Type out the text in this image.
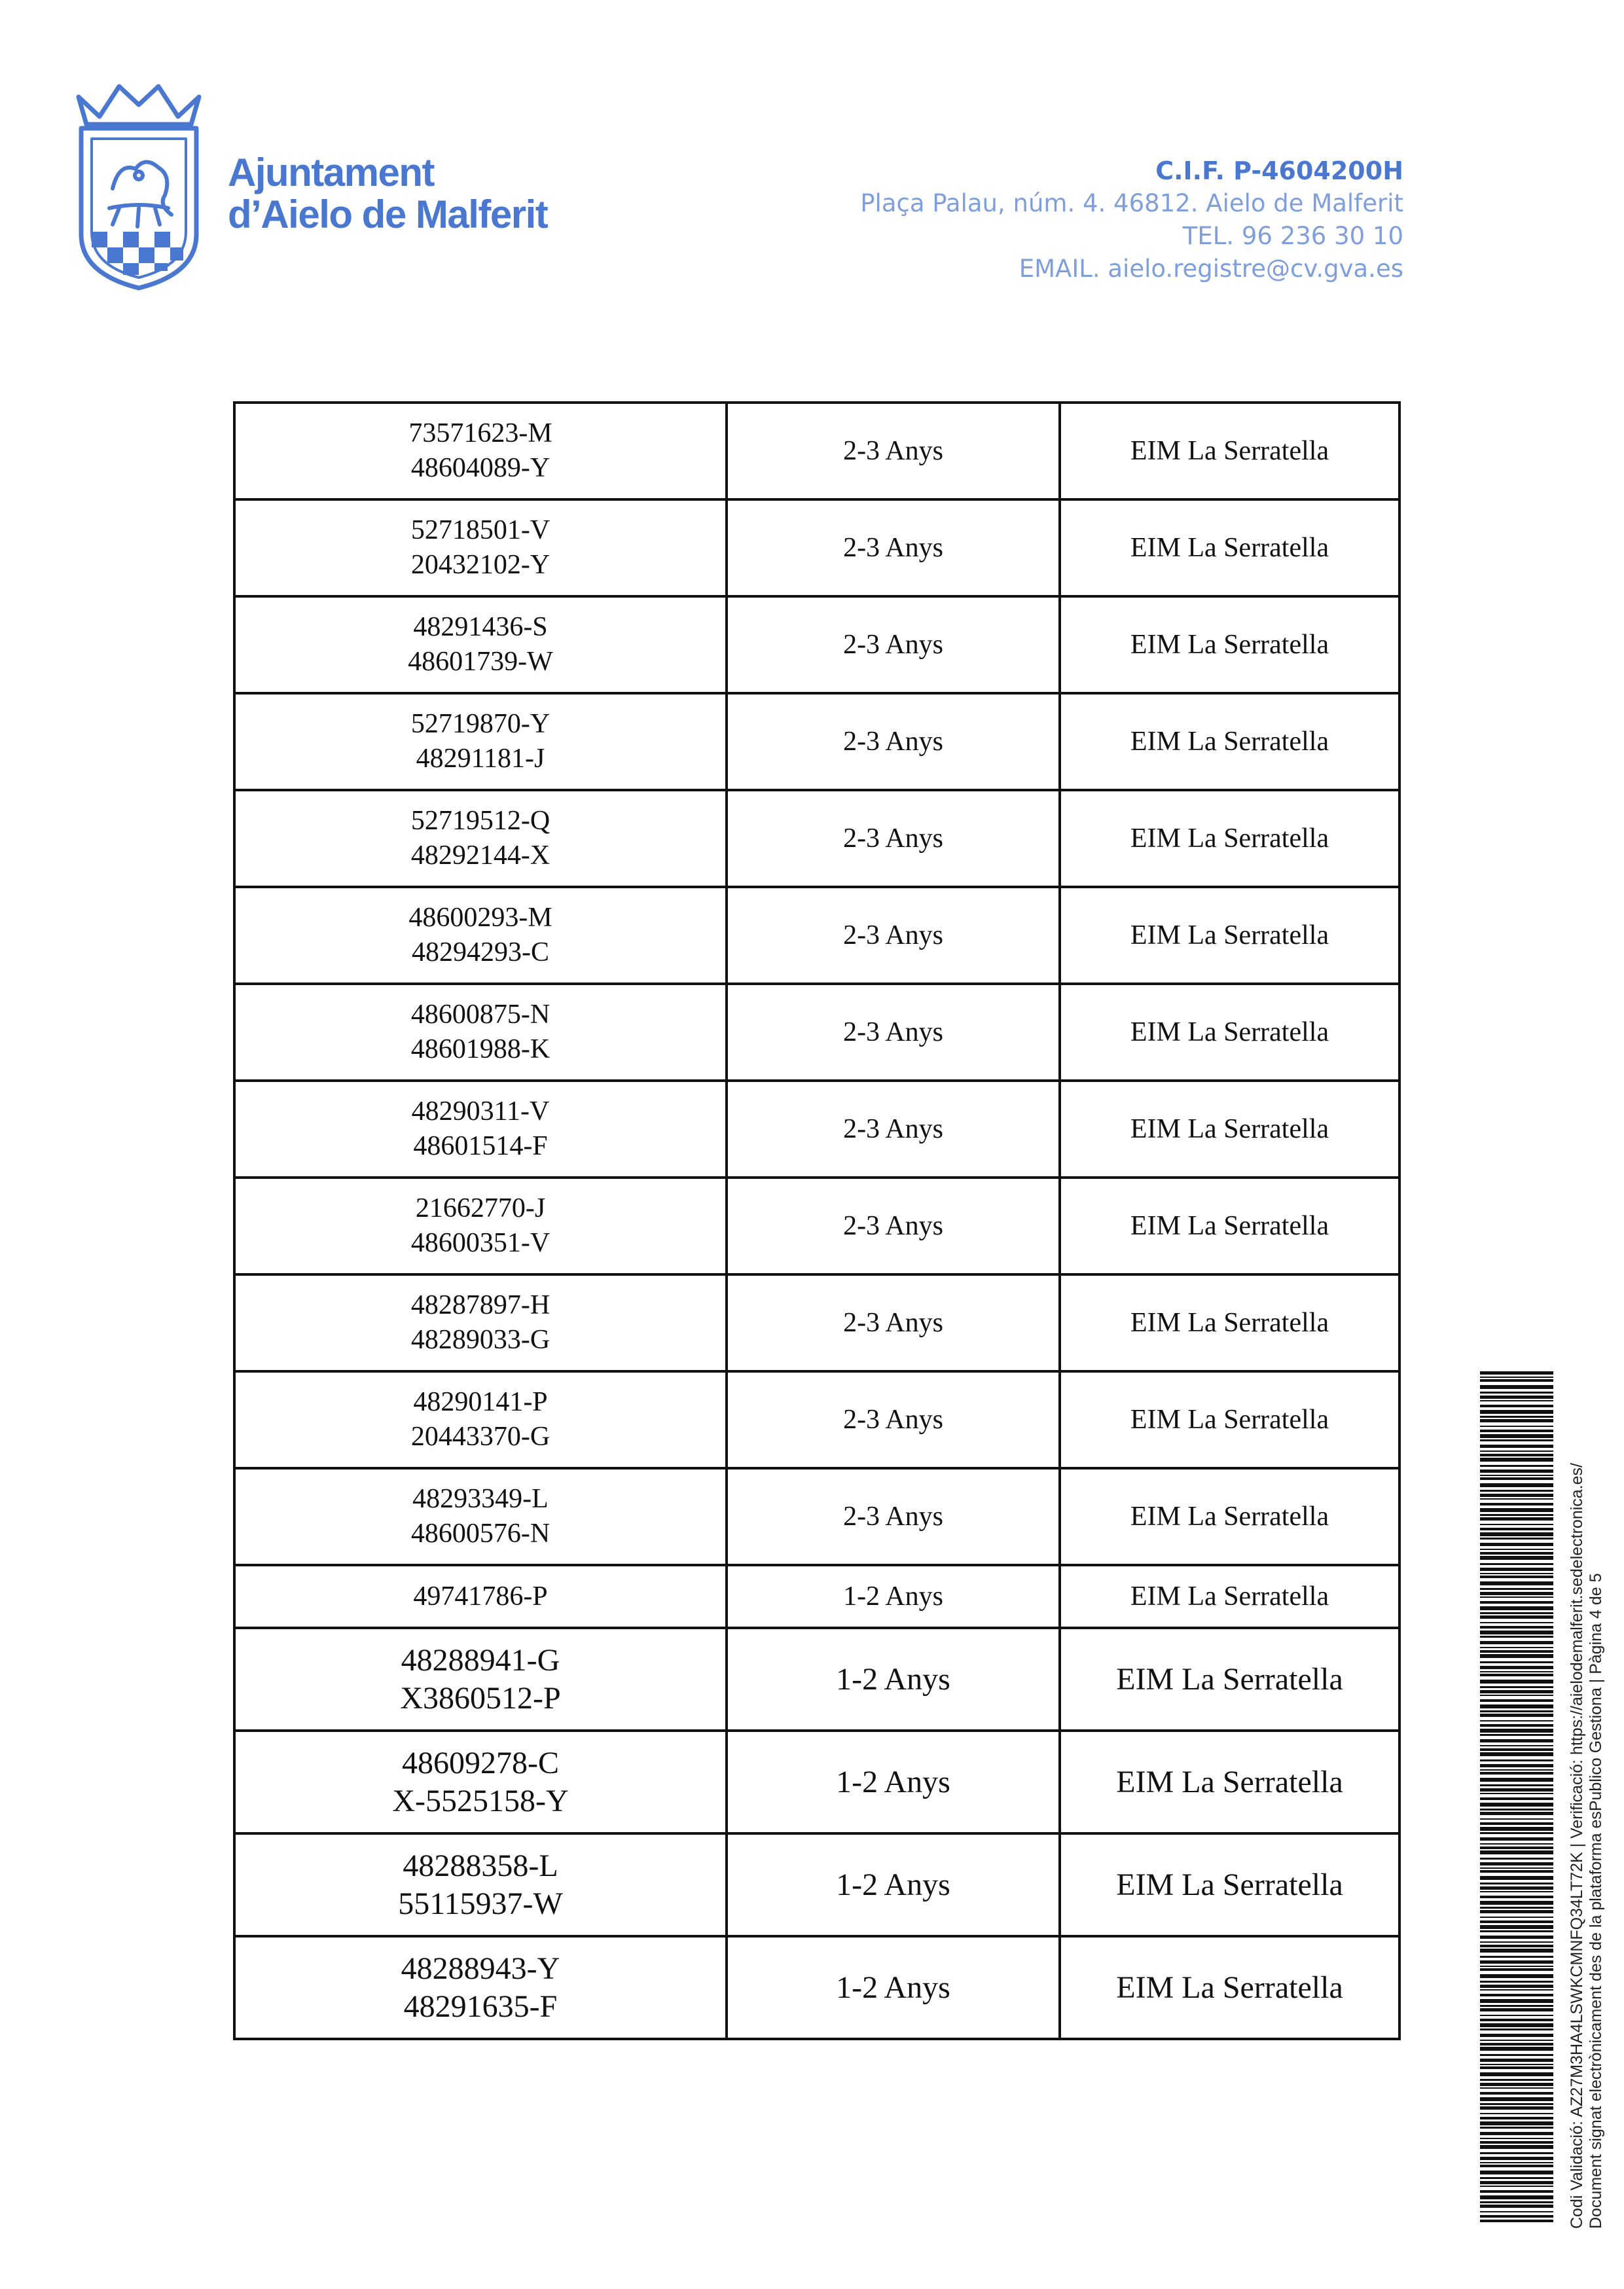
Ajuntament
d’Aielo de Malferit
C.I.F. P-4604200H
Plaça Palau, núm. 4. 46812. Aielo de Malferit
TEL. 96 236 30 10
EMAIL. aielo.registre@cv.gva.es
73571623-M
48604089-Y	2-3 Anys	EIM La Serratella

52718501-V
20432102-Y	2-3 Anys	EIM La Serratella

48291436-S
48601739-W	2-3 Anys	EIM La Serratella

52719870-Y
48291181-J	2-3 Anys	EIM La Serratella

52719512-Q
48292144-X	2-3 Anys	EIM La Serratella

48600293-M
48294293-C	2-3 Anys	EIM La Serratella

48600875-N
48601988-K	2-3 Anys	EIM La Serratella

48290311-V
48601514-F	2-3 Anys	EIM La Serratella

21662770-J
48600351-V	2-3 Anys	EIM La Serratella

48287897-H
48289033-G	2-3 Anys	EIM La Serratella

48290141-P
20443370-G	2-3 Anys	EIM La Serratella

48293349-L
48600576-N	2-3 Anys	EIM La Serratella

49741786-P	1-2 Anys	EIM La Serratella

48288941-G
X3860512-P	1-2 Anys	EIM La Serratella

48609278-C
X-5525158-Y	1-2 Anys	EIM La Serratella

48288358-L
55115937-W	1-2 Anys	EIM La Serratella

48288943-Y
48291635-F	1-2 Anys	EIM La Serratella	Codi Validació: AZ27M3HA4LSWKCMNFQ34LT72K | Verificació: https://aielodemalferit.sedelectronica.es/ Document signat electrònicament des de la plataforma esPublico Gestiona | Pàgina 4 de 5
